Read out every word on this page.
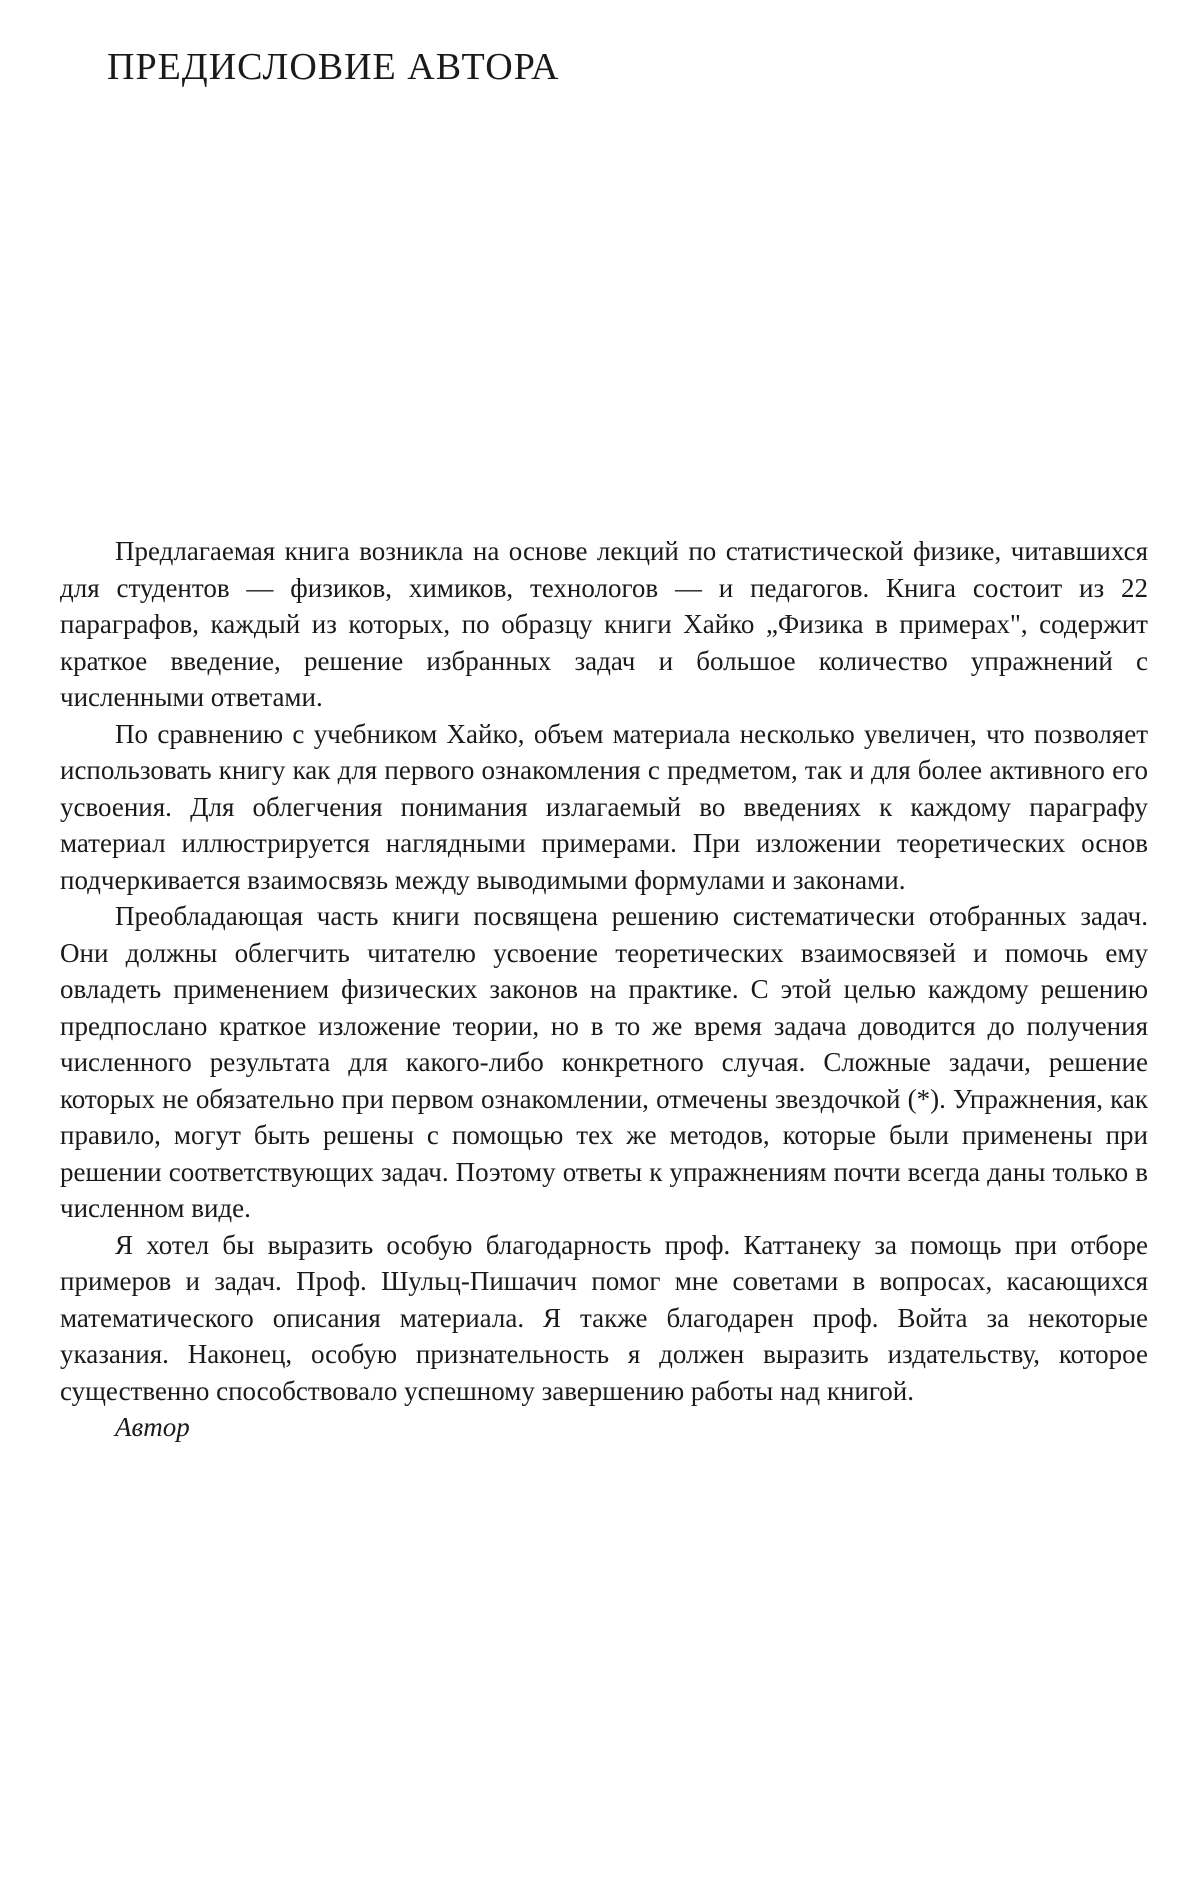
ПРЕДИСЛОВИЕ АВТОРА

Предлагаемая книга возникла на основе лекций по статистической физике, читавшихся для студентов — физиков, химиков, технологов — и педагогов. Книга состоит из 22 параграфов, каждый из которых, по образцу книги Хайко „Физика в примерах", содержит краткое введение, решение избранных задач и большое количество упражнений с численными ответами.

По сравнению с учебником Хайко, объем материала несколько увеличен, что позволяет использовать книгу как для первого ознакомления с предметом, так и для более активного его усвоения. Для облегчения понимания излагаемый во введениях к каждому параграфу материал иллюстрируется наглядными примерами. При изложении теоретических основ подчеркивается взаимосвязь между выводимыми формулами и законами.

Преобладающая часть книги посвящена решению систематически отобранных задач. Они должны облегчить читателю усвоение теоретических взаимосвязей и помочь ему овладеть применением физических законов на практике. С этой целью каждому решению предпослано краткое изложение теории, но в то же время задача доводится до получения численного результата для какого-либо конкретного случая. Сложные задачи, решение которых не обязательно при первом ознакомлении, отмечены звездочкой (*). Упражнения, как правило, могут быть решены с помощью тех же методов, которые были применены при решении соответствующих задач. Поэтому ответы к упражнениям почти всегда даны только в численном виде.

Я хотел бы выразить особую благодарность проф. Каттанеку за помощь при отборе примеров и задач. Проф. Шульц-Пишачич помог мне советами в вопросах, касающихся математического описания материала. Я также благодарен проф. Войта за некоторые указания. Наконец, особую признательность я должен выразить издательству, которое существенно способствовало успешному завершению работы над книгой.

Автор
